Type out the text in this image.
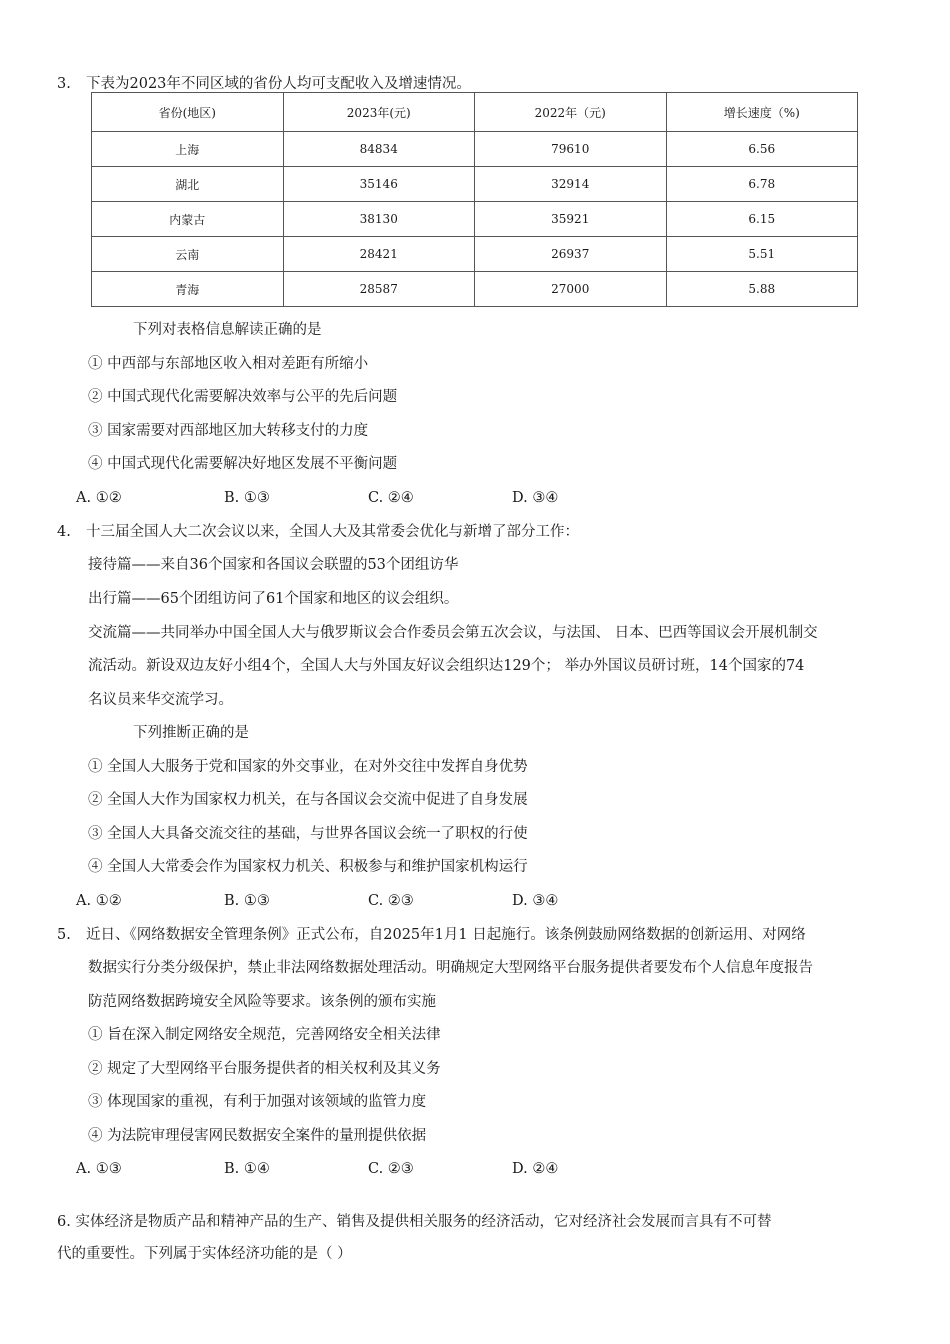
3. 下表为2023年不同区域的省份人均可支配收入及增速情况。
省份(地区)	2023年(元)	2022年（元)	增长速度（%)
上海	84834	79610	6.56
湖北	35146	32914	6.78
内蒙古	38130	35921	6.15
云南	28421	26937	5.51
青海	28587	27000	5.88
下列对表格信息解读正确的是
① 中西部与东部地区收入相对差距有所缩小
② 中国式现代化需要解决效率与公平的先后问题
③ 国家需要对西部地区加大转移支付的力度
④ 中国式现代化需要解决好地区发展不平衡问题
A. ①②	B. ①③	C. ②④	D. ③④
4. 十三届全国人大二次会议以来，全国人大及其常委会优化与新增了部分工作：
接待篇——来自36个国家和各国议会联盟的53个团组访华
出行篇——65个团组访问了61个国家和地区的议会组织。
交流篇——共同举办中国全国人大与俄罗斯议会合作委员会第五次会议，与法国、 日本、巴西等国议会开展机制交
流活动。新设双边友好小组4个，全国人大与外国友好议会组织达129个； 举办外国议员研讨班，14个国家的74
名议员来华交流学习。
下列推断正确的是
① 全国人大服务于党和国家的外交事业，在对外交往中发挥自身优势
② 全国人大作为国家权力机关，在与各国议会交流中促进了自身发展
③ 全国人大具备交流交往的基础，与世界各国议会统一了职权的行使
④ 全国人大常委会作为国家权力机关、积极参与和维护国家机构运行
A. ①②	B. ①③	C. ②③	D. ③④
5. 近日、《网络数据安全管理条例》正式公布，自2025年1月1 日起施行。该条例鼓励网络数据的创新运用、对网络
数据实行分类分级保护，禁止非法网络数据处理活动。明确规定大型网络平台服务提供者要发布个人信息年度报告
防范网络数据跨境安全风险等要求。该条例的颁布实施
① 旨在深入制定网络安全规范，完善网络安全相关法律
② 规定了大型网络平台服务提供者的相关权利及其义务
③ 体现国家的重视，有利于加强对该领域的监管力度
④ 为法院审理侵害网民数据安全案件的量刑提供依据
A. ①③	B. ①④	C. ②③	D. ②④
6. 实体经济是物质产品和精神产品的生产、销售及提供相关服务的经济活动，它对经济社会发展而言具有不可替
代的重要性。下列属于实体经济功能的是（ ）
